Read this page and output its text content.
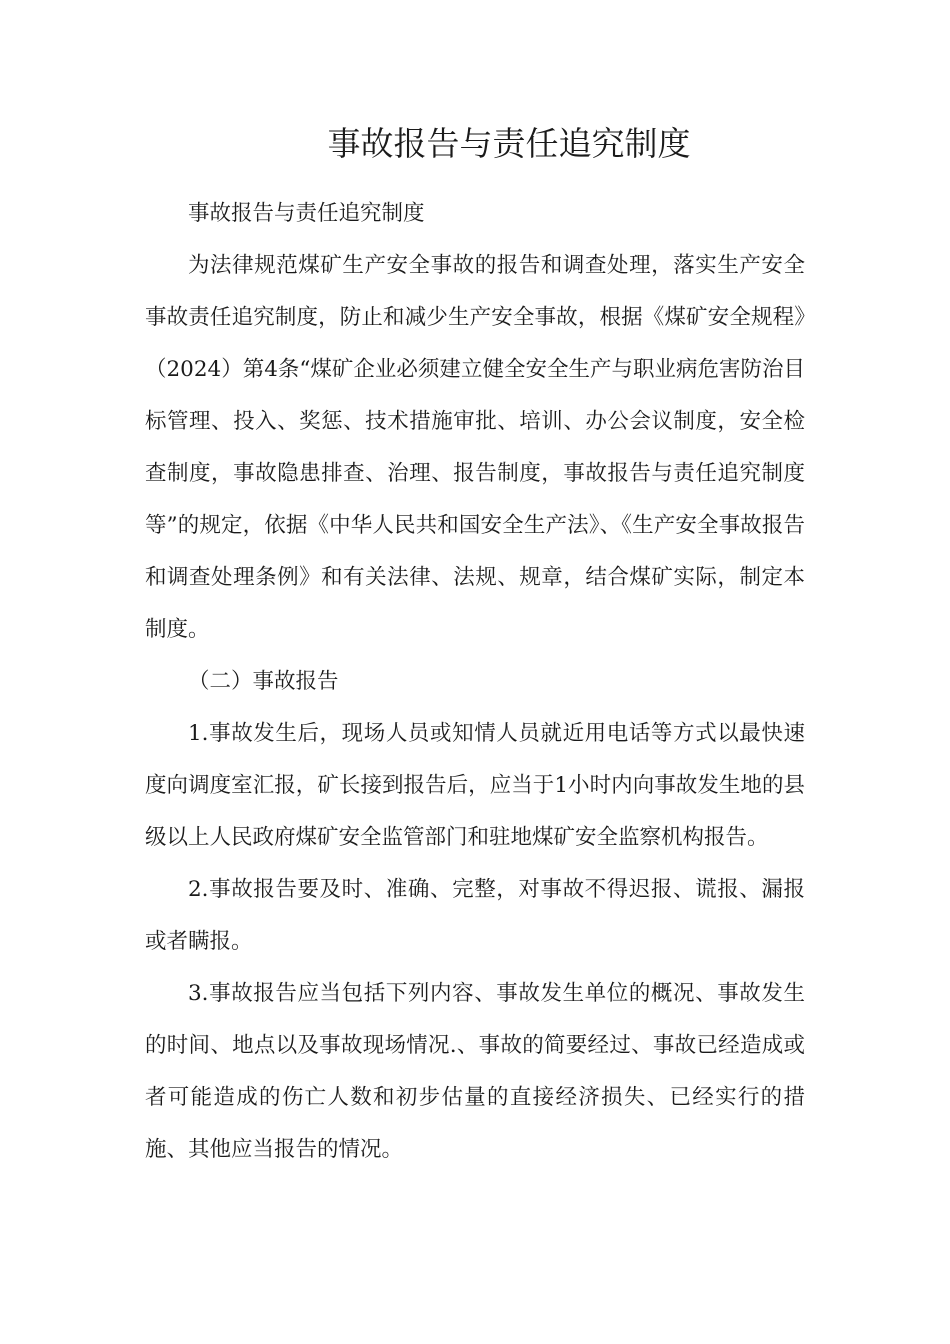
事故报告与责任追究制度

事故报告与责任追究制度

为法律规范煤矿生产安全事故的报告和调查处理，落实生产安全事故责任追究制度，防止和减少生产安全事故，根据《煤矿安全规程》（2024）第4条“煤矿企业必须建立健全安全生产与职业病危害防治目标管理、投入、奖惩、技术措施审批、培训、办公会议制度，安全检查制度，事故隐患排查、治理、报告制度，事故报告与责任追究制度等”的规定，依据《中华人民共和国安全生产法》、《生产安全事故报告和调查处理条例》和有关法律、法规、规章，结合煤矿实际，制定本制度。

（二）事故报告

1.事故发生后，现场人员或知情人员就近用电话等方式以最快速度向调度室汇报，矿长接到报告后，应当于1小时内向事故发生地的县级以上人民政府煤矿安全监管部门和驻地煤矿安全监察机构报告。

2.事故报告要及时、准确、完整，对事故不得迟报、谎报、漏报或者瞒报。

3.事故报告应当包括下列内容、事故发生单位的概况、事故发生的时间、地点以及事故现场情况.、事故的简要经过、事故已经造成或者可能造成的伤亡人数和初步估量的直接经济损失、已经实行的措施、其他应当报告的情况。
